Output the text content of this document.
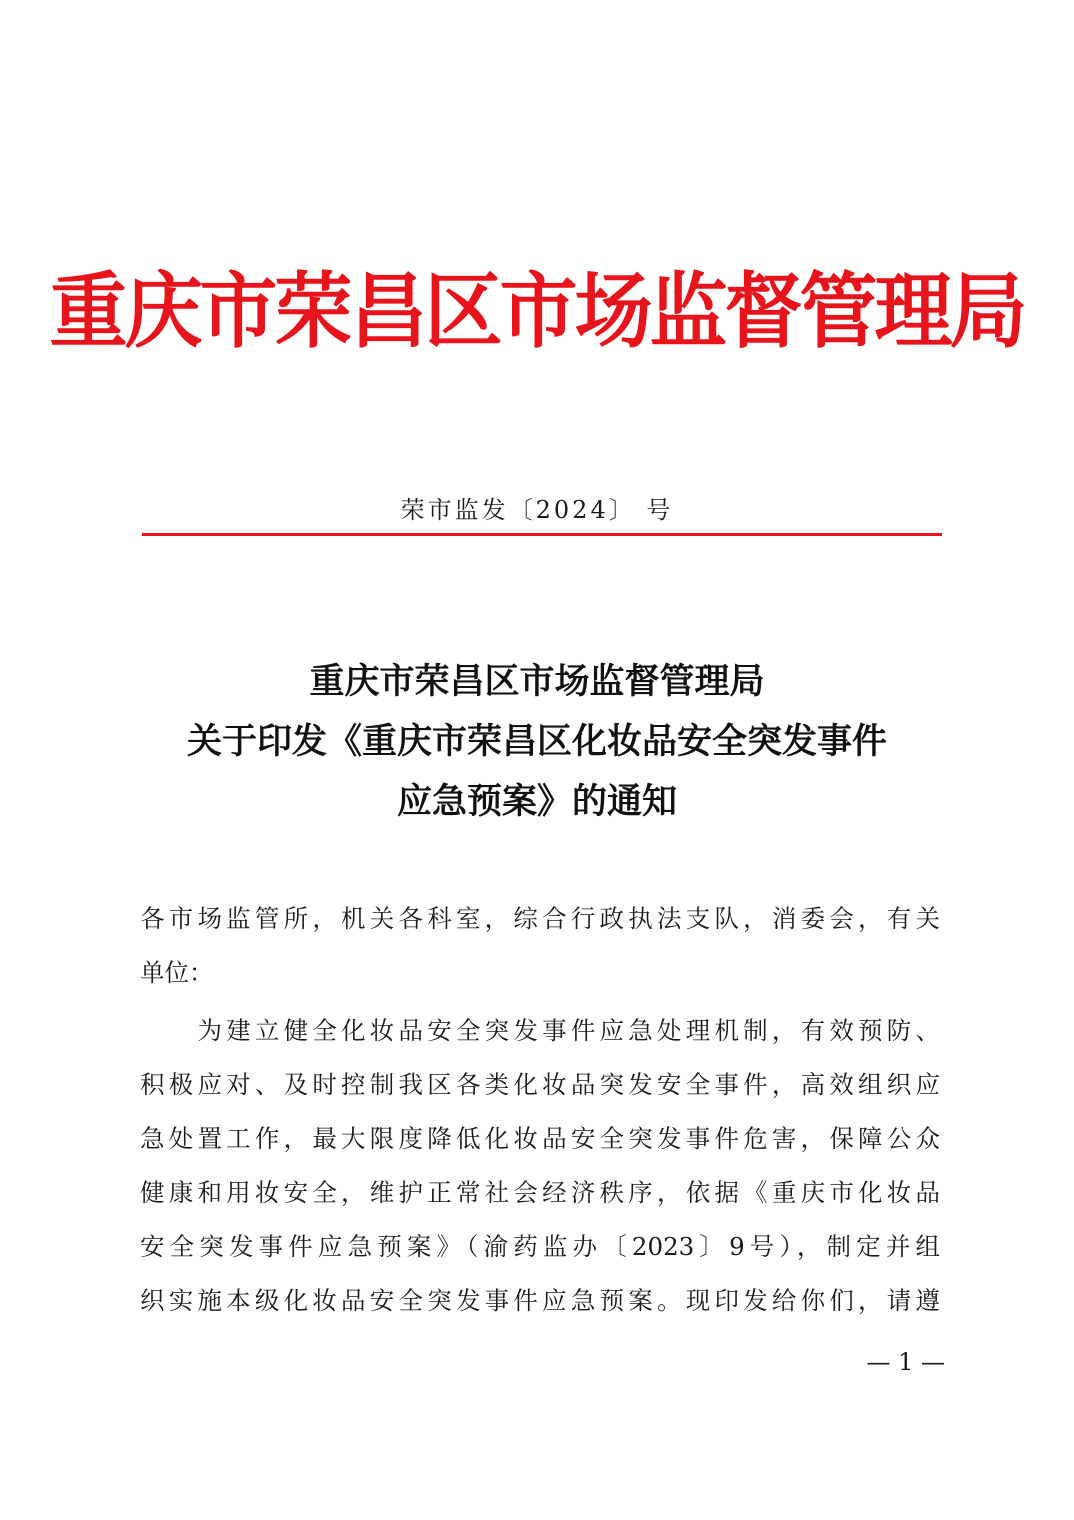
重庆市荣昌区市场监督管理局
荣市监发〔2024〕 号
重庆市荣昌区市场监督管理局
关于印发《重庆市荣昌区化妆品安全突发事件
应急预案》的通知
各市场监管所，机关各科室，综合行政执法支队，消委会，有关
单位：
　　为建立健全化妆品安全突发事件应急处理机制，有效预防、
积极应对、及时控制我区各类化妆品突发安全事件，高效组织应
急处置工作，最大限度降低化妆品安全突发事件危害，保障公众
健康和用妆安全，维护正常社会经济秩序，依据《重庆市化妆品
安全突发事件应急预案》（渝药监办〔2023〕9号），制定并组
织实施本级化妆品安全突发事件应急预案。现印发给你们，请遵
— 1 —
